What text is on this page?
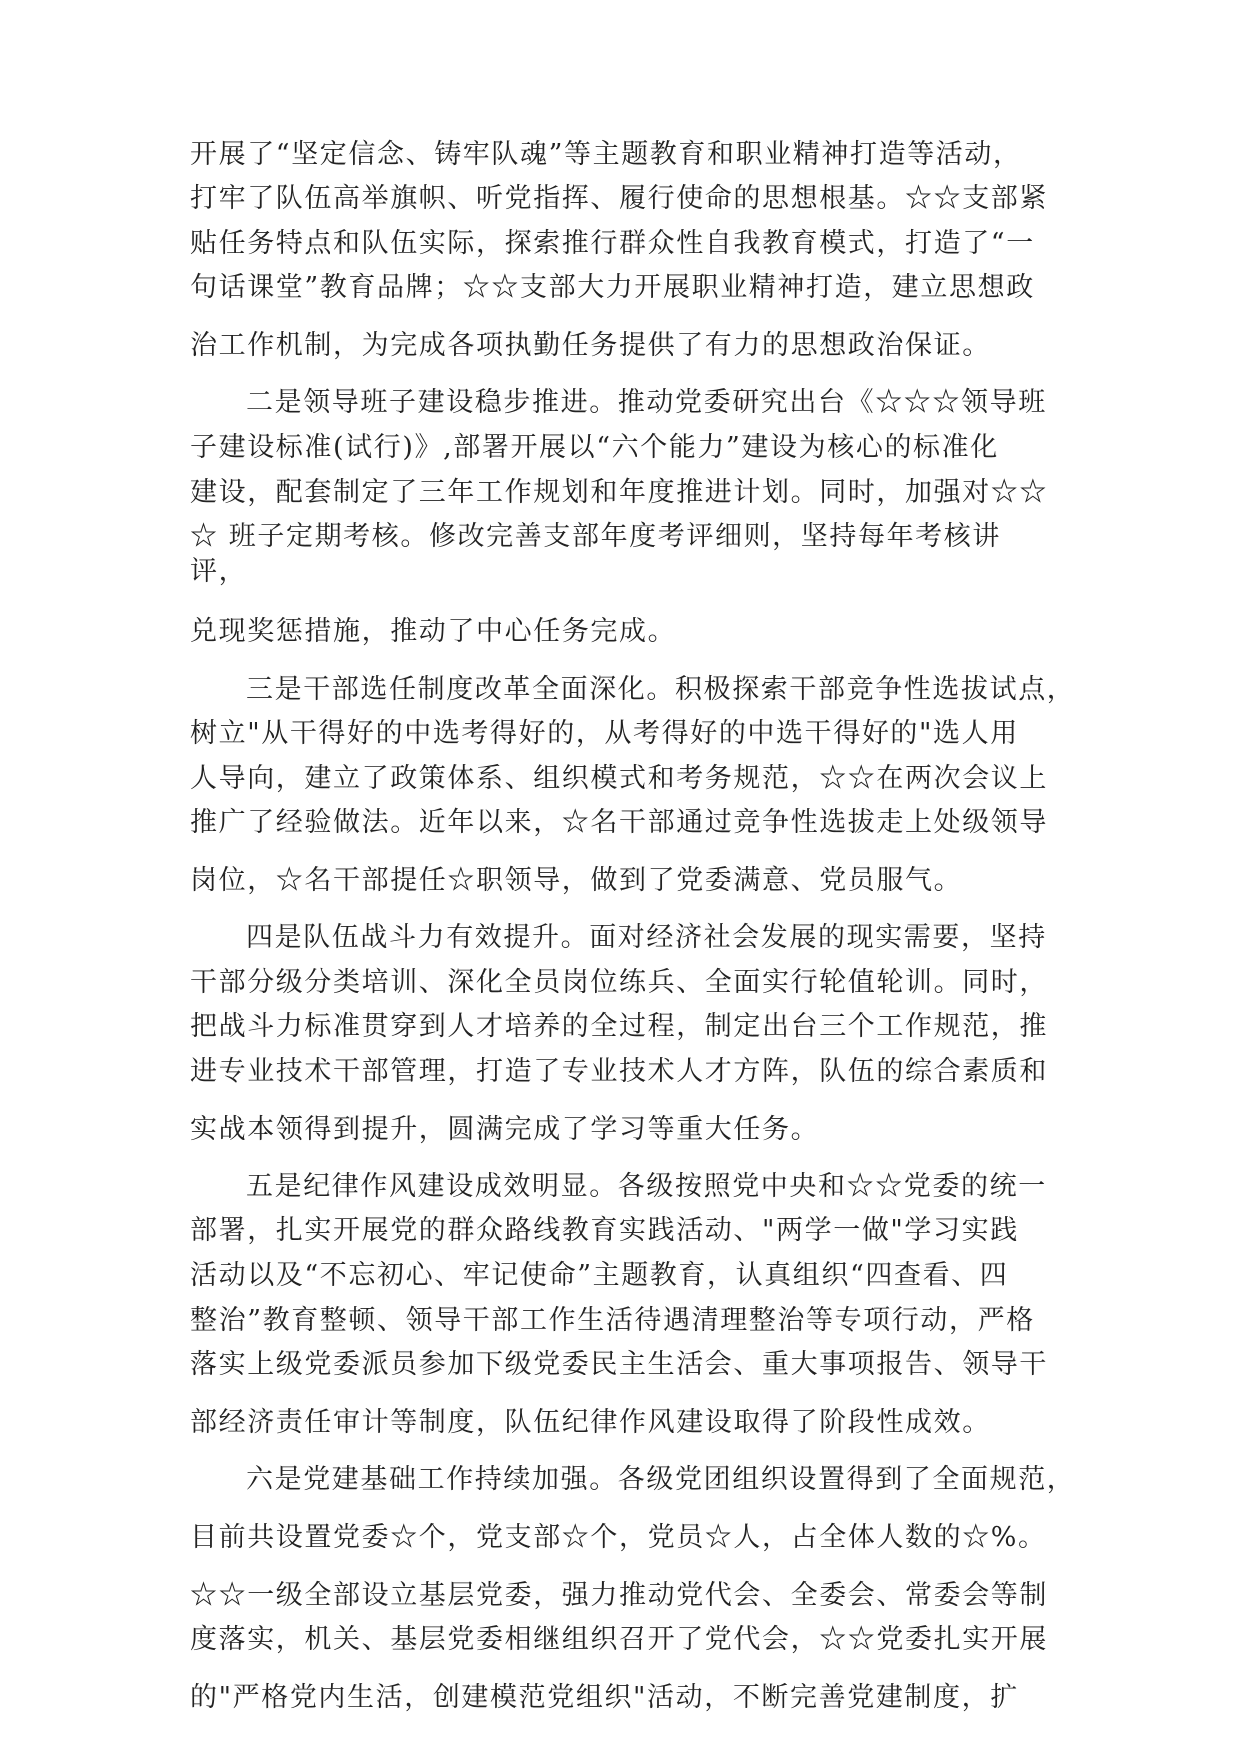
开展了“坚定信念、铸牢队魂”等主题教育和职业精神打造等活动，
打牢了队伍高举旗帜、听党指挥、履行使命的思想根基。☆☆支部紧
贴任务特点和队伍实际，探索推行群众性自我教育模式，打造了“一
句话课堂”教育品牌；☆☆支部大力开展职业精神打造，建立思想政
治工作机制，为完成各项执勤任务提供了有力的思想政治保证。
二是领导班子建设稳步推进。推动党委研究出台《☆☆☆领导班
子建设标准(试行)》,部署开展以“六个能力”建设为核心的标准化
建设，配套制定了三年工作规划和年度推进计划。同时，加强对☆☆
☆ 班子定期考核。修改完善支部年度考评细则，坚持每年考核讲
评，
兑现奖惩措施，推动了中心任务完成。
三是干部选任制度改革全面深化。积极探索干部竞争性选拔试点，
树立"从干得好的中选考得好的，从考得好的中选干得好的"选人用
人导向，建立了政策体系、组织模式和考务规范，☆☆在两次会议上
推广了经验做法。近年以来，☆名干部通过竞争性选拔走上处级领导
岗位，☆名干部提任☆职领导，做到了党委满意、党员服气。
四是队伍战斗力有效提升。面对经济社会发展的现实需要，坚持
干部分级分类培训、深化全员岗位练兵、全面实行轮值轮训。同时，
把战斗力标准贯穿到人才培养的全过程，制定出台三个工作规范，推
进专业技术干部管理，打造了专业技术人才方阵，队伍的综合素质和
实战本领得到提升，圆满完成了学习等重大任务。
五是纪律作风建设成效明显。各级按照党中央和☆☆党委的统一
部署，扎实开展党的群众路线教育实践活动、"两学一做"学习实践
活动以及“不忘初心、牢记使命”主题教育，认真组织“四查看、四
整治”教育整顿、领导干部工作生活待遇清理整治等专项行动，严格
落实上级党委派员参加下级党委民主生活会、重大事项报告、领导干
部经济责任审计等制度，队伍纪律作风建设取得了阶段性成效。
六是党建基础工作持续加强。各级党团组织设置得到了全面规范，
目前共设置党委☆个，党支部☆个，党员☆人，占全体人数的☆%。
☆☆一级全部设立基层党委，强力推动党代会、全委会、常委会等制
度落实，机关、基层党委相继组织召开了党代会，☆☆党委扎实开展
的"严格党内生活，创建模范党组织"活动，不断完善党建制度，扩
